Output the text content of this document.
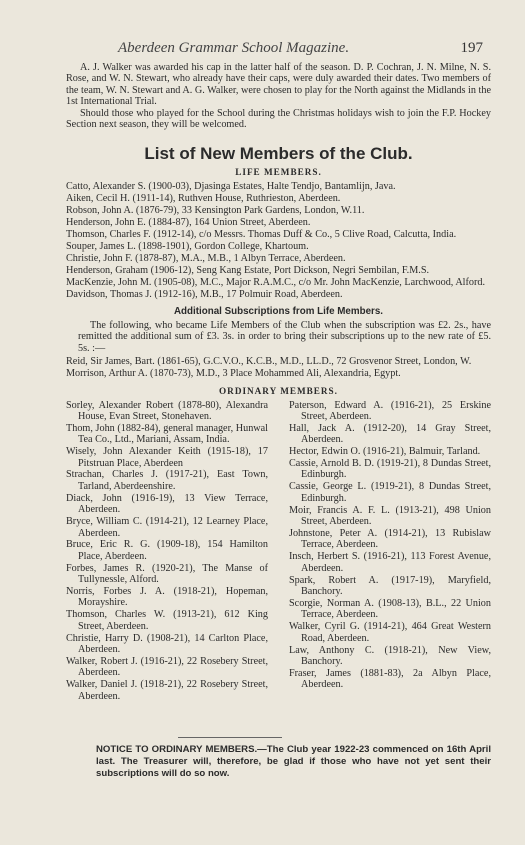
Aberdeen Grammar School Magazine.	197

A. J. Walker was awarded his cap in the latter half of the season. D. P. Cochran, J. N. Milne, N. S. Rose, and W. N. Stewart, who already have their caps, were duly awarded their dates. Two members of the team, W. N. Stewart and A. G. Walker, were chosen to play for the North against the Midlands in the 1st International Trial.

Should those who played for the School during the Christmas holidays wish to join the F.P. Hockey Section next season, they will be welcomed.

List of New Members of the Club.
LIFE MEMBERS.
Catto, Alexander S. (1900-03), Djasinga Estates, Halte Tendjo, Bantamlijn, Java.
Aiken, Cecil H. (1911-14), Ruthven House, Ruthrieston, Aberdeen.
Robson, John A. (1876-79), 33 Kensington Park Gardens, London, W.11.
Henderson, John E. (1884-87), 164 Union Street, Aberdeen.
Thomson, Charles F. (1912-14), c/o Messrs. Thomas Duff & Co., 5 Clive Road, Calcutta, India.
Souper, James L. (1898-1901), Gordon College, Khartoum.
Christie, John F. (1878-87), M.A., M.B., 1 Albyn Terrace, Aberdeen.
Henderson, Graham (1906-12), Seng Kang Estate, Port Dickson, Negri Sembilan, F.M.S.
MacKenzie, John M. (1905-08), M.C., Major R.A.M.C., c/o Mr. John MacKenzie, Larchwood, Alford.
Davidson, Thomas J. (1912-16), M.B., 17 Polmuir Road, Aberdeen.
Additional Subscriptions from Life Members.
The following, who became Life Members of the Club when the subscription was £2. 2s., have remitted the additional sum of £3. 3s. in order to bring their subscriptions up to the new rate of £5. 5s. :—
Reid, Sir James, Bart. (1861-65), G.C.V.O., K.C.B., M.D., LL.D., 72 Grosvenor Street, London, W.
Morrison, Arthur A. (1870-73), M.D., 3 Place Mohammed Ali, Alexandria, Egypt.
ORDINARY MEMBERS.
Sorley, Alexander Robert (1878-80), Alexandra House, Evan Street, Stonehaven.
Thom, John (1882-84), general manager, Hunwal Tea Co., Ltd., Mariani, Assam, India.
Wisely, John Alexander Keith (1915-18), 17 Pitstruan Place, Aberdeen
Strachan, Charles J. (1917-21), East Town, Tarland, Aberdeenshire.
Diack, John (1916-19), 13 View Terrace, Aberdeen.
Bryce, William C. (1914-21), 12 Learney Place, Aberdeen.
Bruce, Eric R. G. (1909-18), 154 Hamilton Place, Aberdeen.
Forbes, James R. (1920-21), The Manse of Tullynessle, Alford.
Norris, Forbes J. A. (1918-21), Hopeman, Morayshire.
Thomson, Charles W. (1913-21), 612 King Street, Aberdeen.
Christie, Harry D. (1908-21), 14 Carlton Place, Aberdeen.
Walker, Robert J. (1916-21), 22 Rosebery Street, Aberdeen.
Walker, Daniel J. (1918-21), 22 Rosebery Street, Aberdeen.
Paterson, Edward A. (1916-21), 25 Erskine Street, Aberdeen.
Hall, Jack A. (1912-20), 14 Gray Street, Aberdeen.
Hector, Edwin O. (1916-21), Balmuir, Tarland.
Cassie, Arnold B. D. (1919-21), 8 Dundas Street, Edinburgh.
Cassie, George L. (1919-21), 8 Dundas Street, Edinburgh.
Moir, Francis A. F. L. (1913-21), 498 Union Street, Aberdeen.
Johnstone, Peter A. (1914-21), 13 Rubislaw Terrace, Aberdeen.
Insch, Herbert S. (1916-21), 113 Forest Avenue, Aberdeen.
Spark, Robert A. (1917-19), Maryfield, Banchory.
Scorgie, Norman A. (1908-13), B.L., 22 Union Terrace, Aberdeen.
Walker, Cyril G. (1914-21), 464 Great Western Road, Aberdeen.
Law, Anthony C. (1918-21), New View, Banchory.
Fraser, James (1881-83), 2a Albyn Place, Aberdeen.
NOTICE TO ORDINARY MEMBERS.—The Club year 1922-23 commenced on 16th April last. The Treasurer will, therefore, be glad if those who have not yet sent their subscriptions will do so now.
